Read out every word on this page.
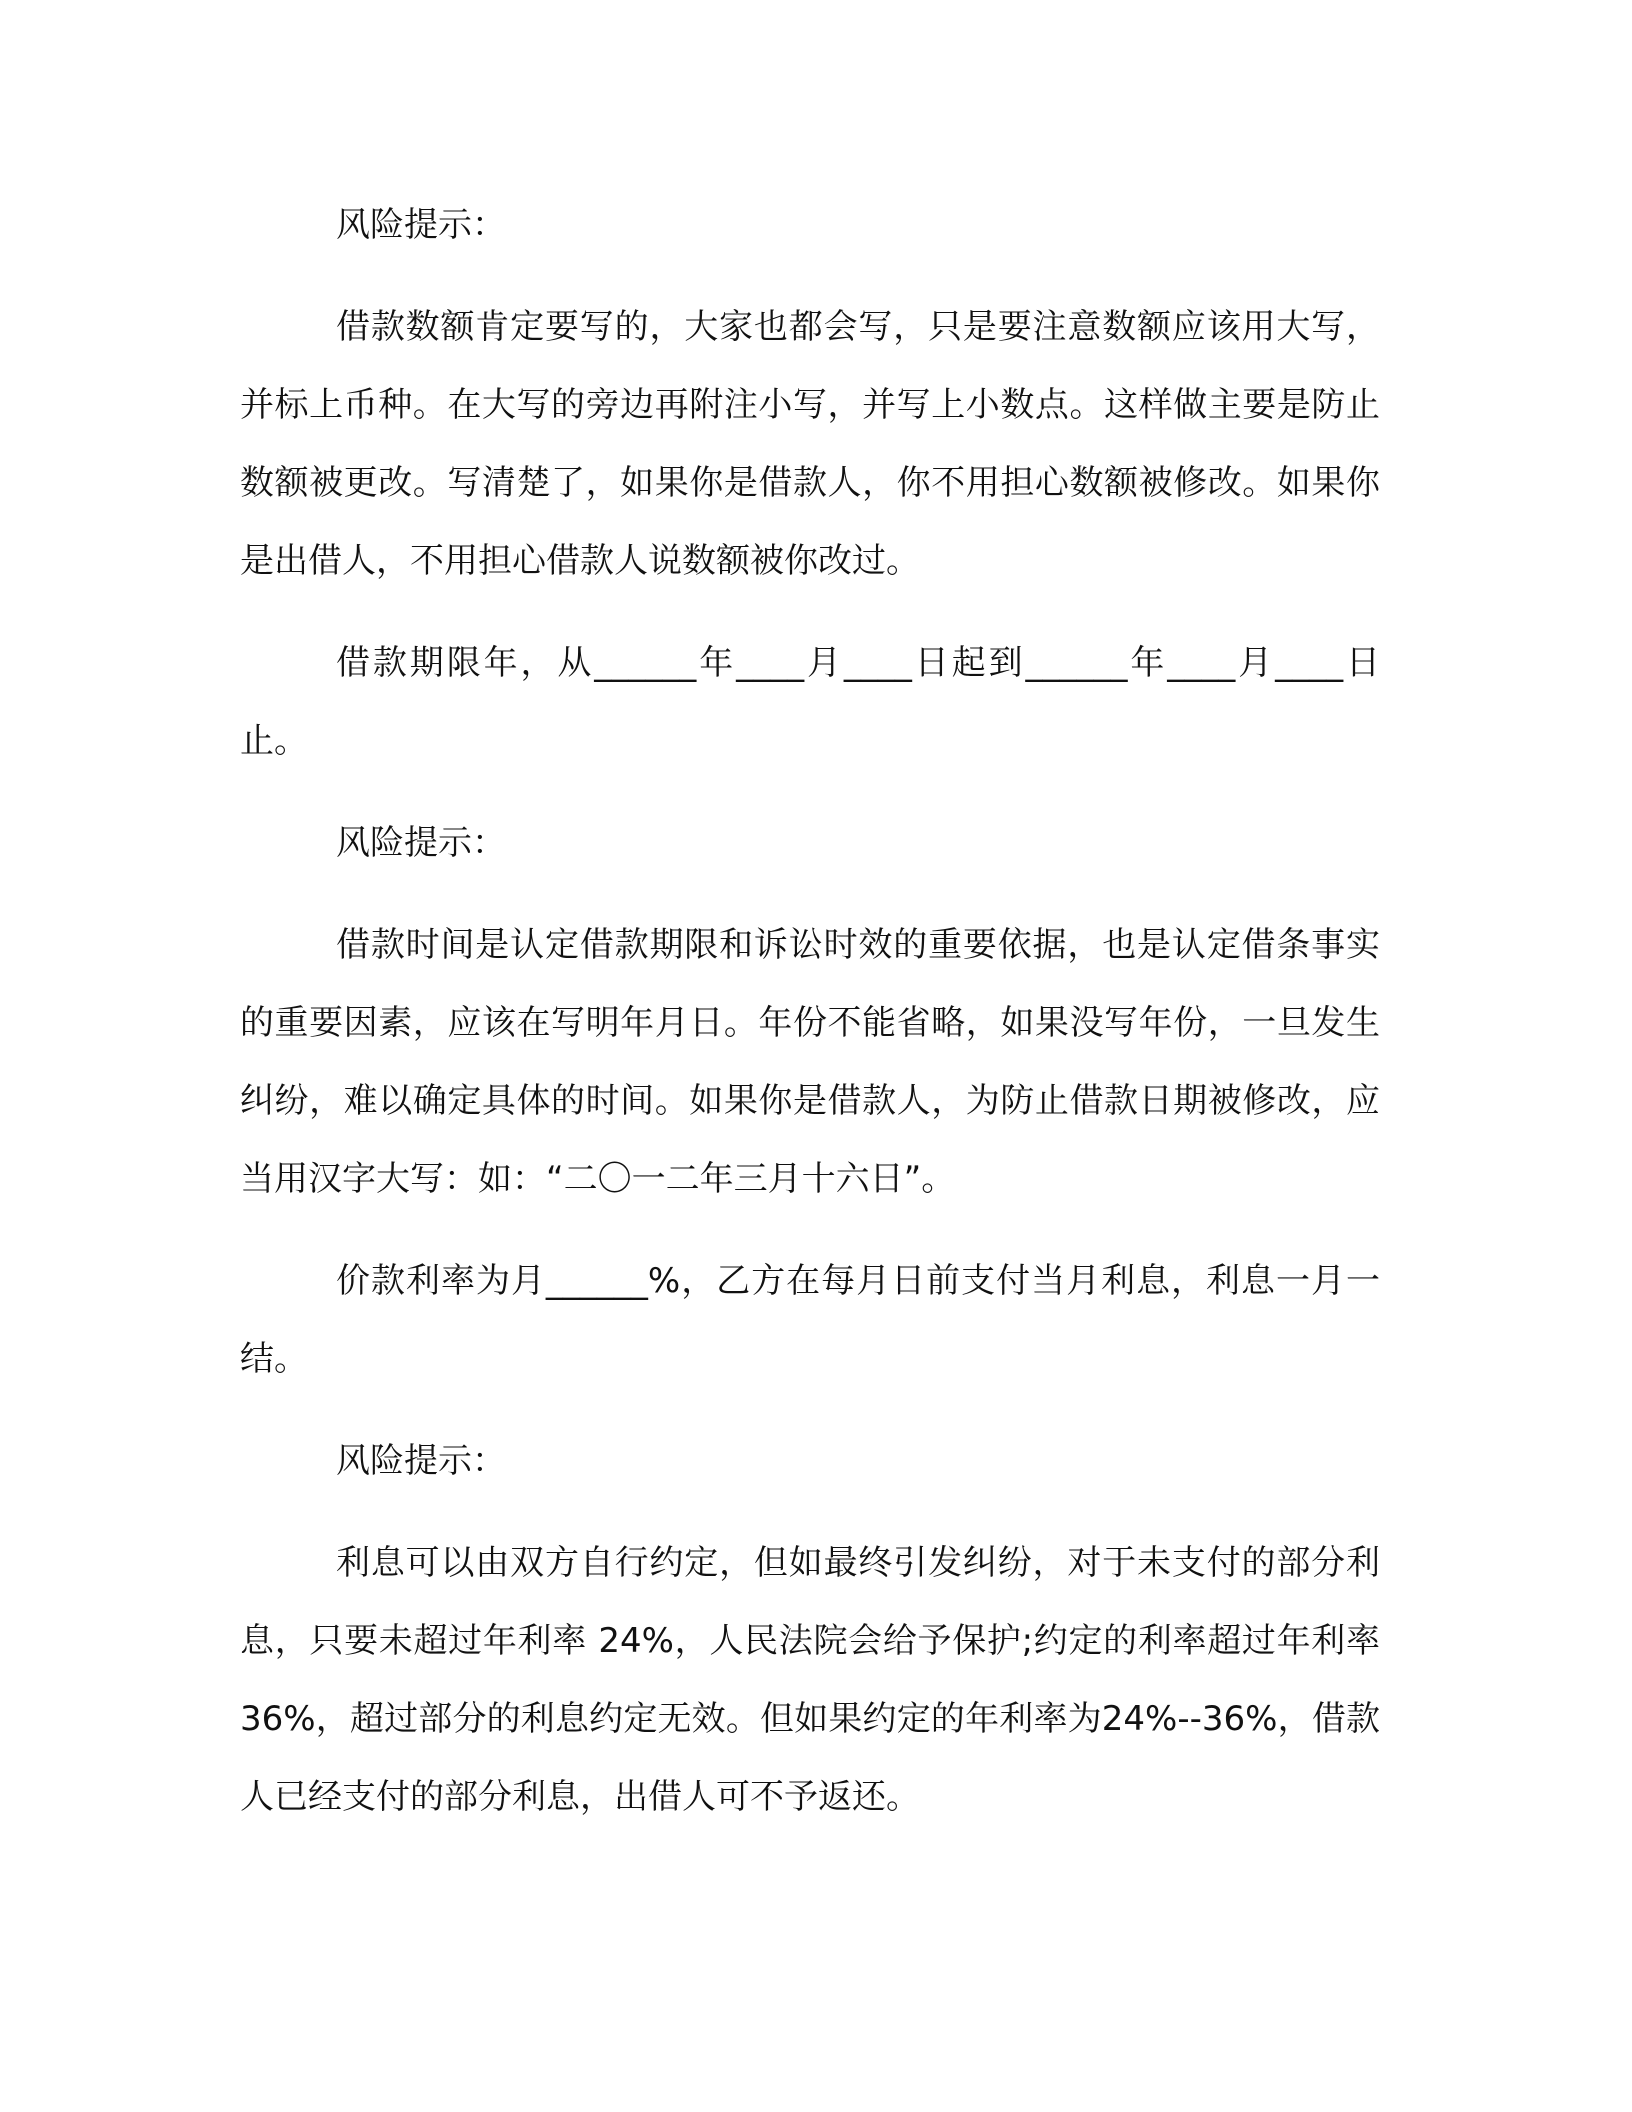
风险提示：

借款数额肯定要写的，大家也都会写，只是要注意数额应该用大写，并标上币种。在大写的旁边再附注小写，并写上小数点。这样做主要是防止数额被更改。写清楚了，如果你是借款人，你不用担心数额被修改。如果你是出借人，不用担心借款人说数额被你改过。

借款期限年，从______年____月____日起到______年____月____日止。

风险提示：

借款时间是认定借款期限和诉讼时效的重要依据，也是认定借条事实的重要因素，应该在写明年月日。年份不能省略，如果没写年份，一旦发生纠纷，难以确定具体的时间。如果你是借款人，为防止借款日期被修改，应当用汉字大写：如：“二〇一二年三月十六日”。

价款利率为月______%，乙方在每月日前支付当月利息，利息一月一结。

风险提示：

利息可以由双方自行约定，但如最终引发纠纷，对于未支付的部分利息，只要未超过年利率 24%，人民法院会给予保护;约定的利率超过年利率 36%，超过部分的利息约定无效。但如果约定的年利率为24%--36%，借款人已经支付的部分利息，出借人可不予返还。
